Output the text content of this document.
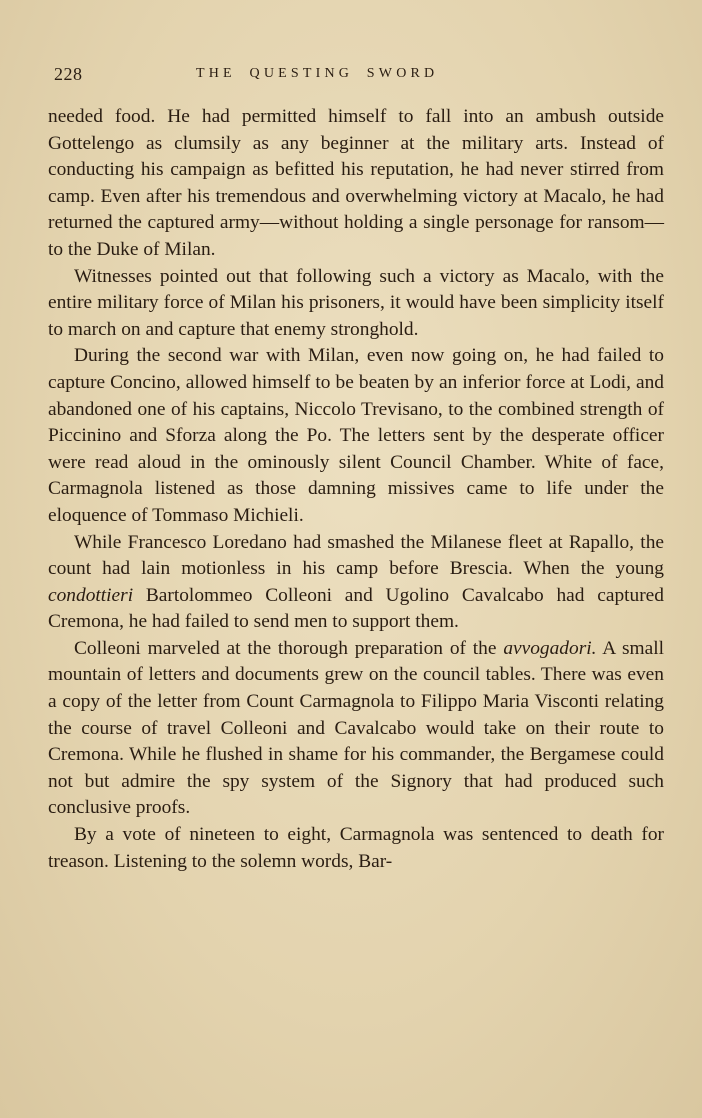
228	THE QUESTING SWORD

needed food. He had permitted himself to fall into an ambush outside Gottelengo as clumsily as any beginner at the military arts. Instead of conducting his campaign as befitted his reputation, he had never stirred from camp. Even after his tremendous and overwhelming victory at Macalo, he had returned the captured army—without holding a single personage for ransom—to the Duke of Milan.

Witnesses pointed out that following such a victory as Macalo, with the entire military force of Milan his prisoners, it would have been simplicity itself to march on and capture that enemy stronghold.

During the second war with Milan, even now going on, he had failed to capture Concino, allowed himself to be beaten by an inferior force at Lodi, and abandoned one of his captains, Niccolo Trevisano, to the combined strength of Piccinino and Sforza along the Po. The letters sent by the desperate officer were read aloud in the ominously silent Council Chamber. White of face, Carmagnola listened as those damning missives came to life under the eloquence of Tommaso Michieli.

While Francesco Loredano had smashed the Milanese fleet at Rapallo, the count had lain motionless in his camp before Brescia. When the young condottieri Bartolommeo Colleoni and Ugolino Cavalcabo had captured Cremona, he had failed to send men to support them.

Colleoni marveled at the thorough preparation of the avvogadori. A small mountain of letters and documents grew on the council tables. There was even a copy of the letter from Count Carmagnola to Filippo Maria Visconti relating the course of travel Colleoni and Cavalcabo would take on their route to Cremona. While he flushed in shame for his commander, the Bergamese could not but admire the spy system of the Signory that had produced such conclusive proofs.

By a vote of nineteen to eight, Carmagnola was sentenced to death for treason. Listening to the solemn words, Bar-
